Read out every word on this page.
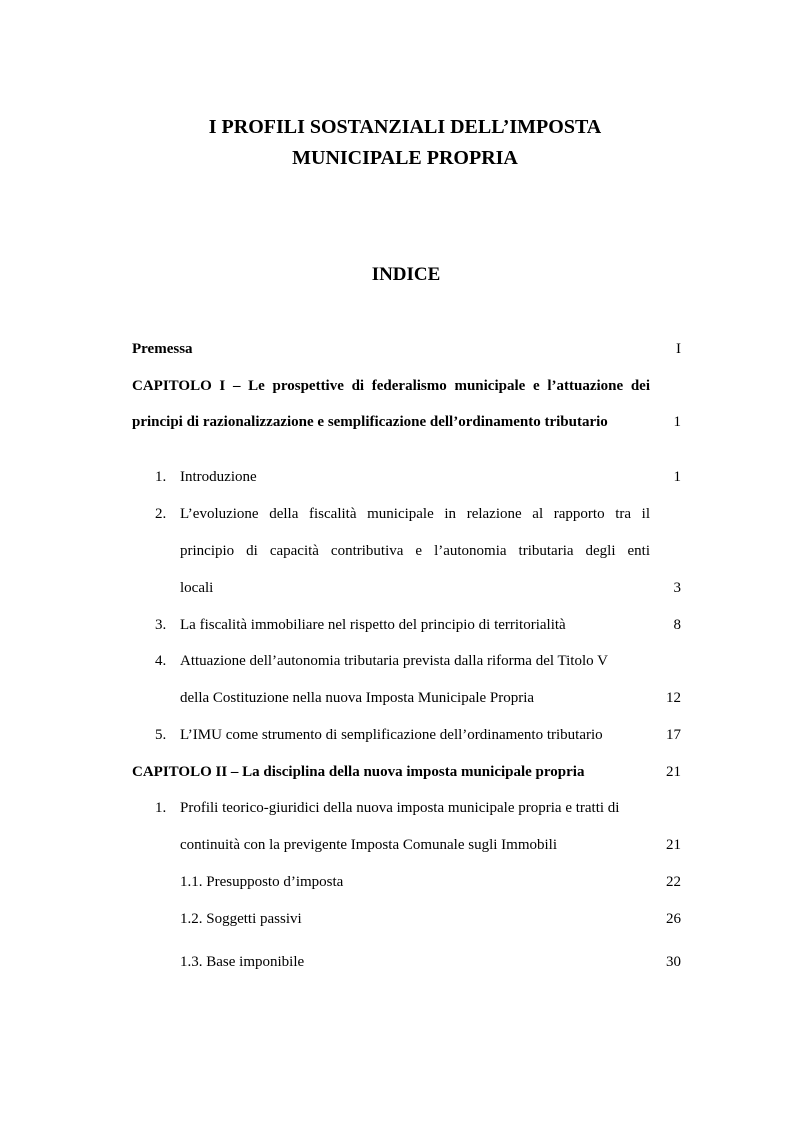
I PROFILI SOSTANZIALI DELL’IMPOSTA
MUNICIPALE PROPRIA
INDICE
Premessa	I
CAPITOLO I – Le prospettive di federalismo municipale e l’attuazione dei
principi di razionalizzazione e semplificazione dell’ordinamento tributario	1
1. Introduzione	1
2. L’evoluzione della fiscalità municipale in relazione al rapporto tra il
principio di capacità contributiva e l’autonomia tributaria degli enti
locali	3
3. La fiscalità immobiliare nel rispetto del principio di territorialità	8
4. Attuazione dell’autonomia tributaria prevista dalla riforma del Titolo V
della Costituzione nella nuova Imposta Municipale Propria	12
5. L’IMU come strumento di semplificazione dell’ordinamento tributario	17
CAPITOLO II – La disciplina della nuova imposta municipale propria	21
1. Profili teorico-giuridici della nuova imposta municipale propria e tratti di
continuità con la previgente Imposta Comunale sugli Immobili	21
1.1. Presupposto d’imposta	22
1.2. Soggetti passivi	26
1.3. Base imponibile	30
